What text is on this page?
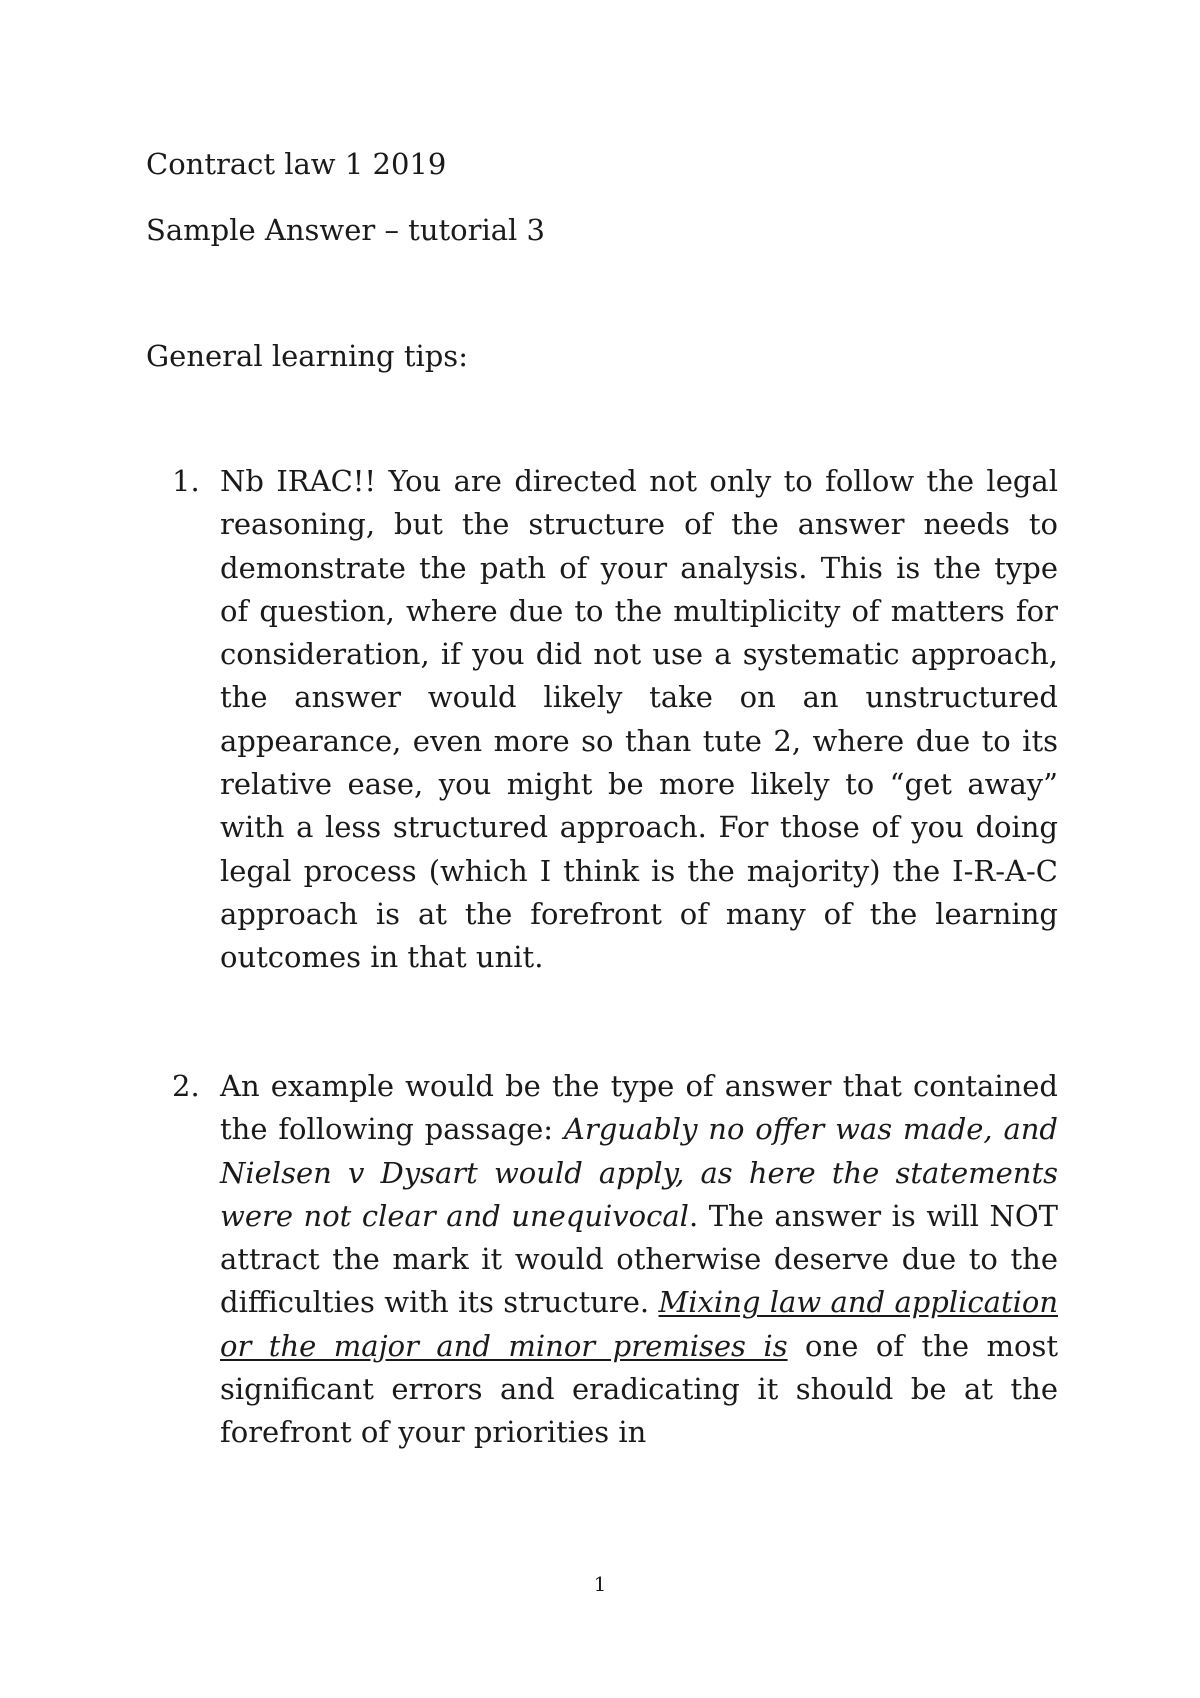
Contract law 1 2019
Sample Answer – tutorial 3
General learning tips:
1. Nb IRAC!! You are directed not only to follow the legal reasoning, but the structure of the answer needs to demonstrate the path of your analysis. This is the type of question, where due to the multiplicity of matters for consideration, if you did not use a systematic approach, the answer would likely take on an unstructured appearance, even more so than tute 2, where due to its relative ease, you might be more likely to “get away” with a less structured approach. For those of you doing legal process (which I think is the majority) the I-R-A-C approach is at the forefront of many of the learning outcomes in that unit.
2. An example would be the type of answer that contained the following passage: Arguably no offer was made, and Nielsen v Dysart would apply, as here the statements were not clear and unequivocal. The answer is will NOT attract the mark it would otherwise deserve due to the difficulties with its structure. Mixing law and application or the major and minor premises is one of the most significant errors and eradicating it should be at the forefront of your priorities in
1
